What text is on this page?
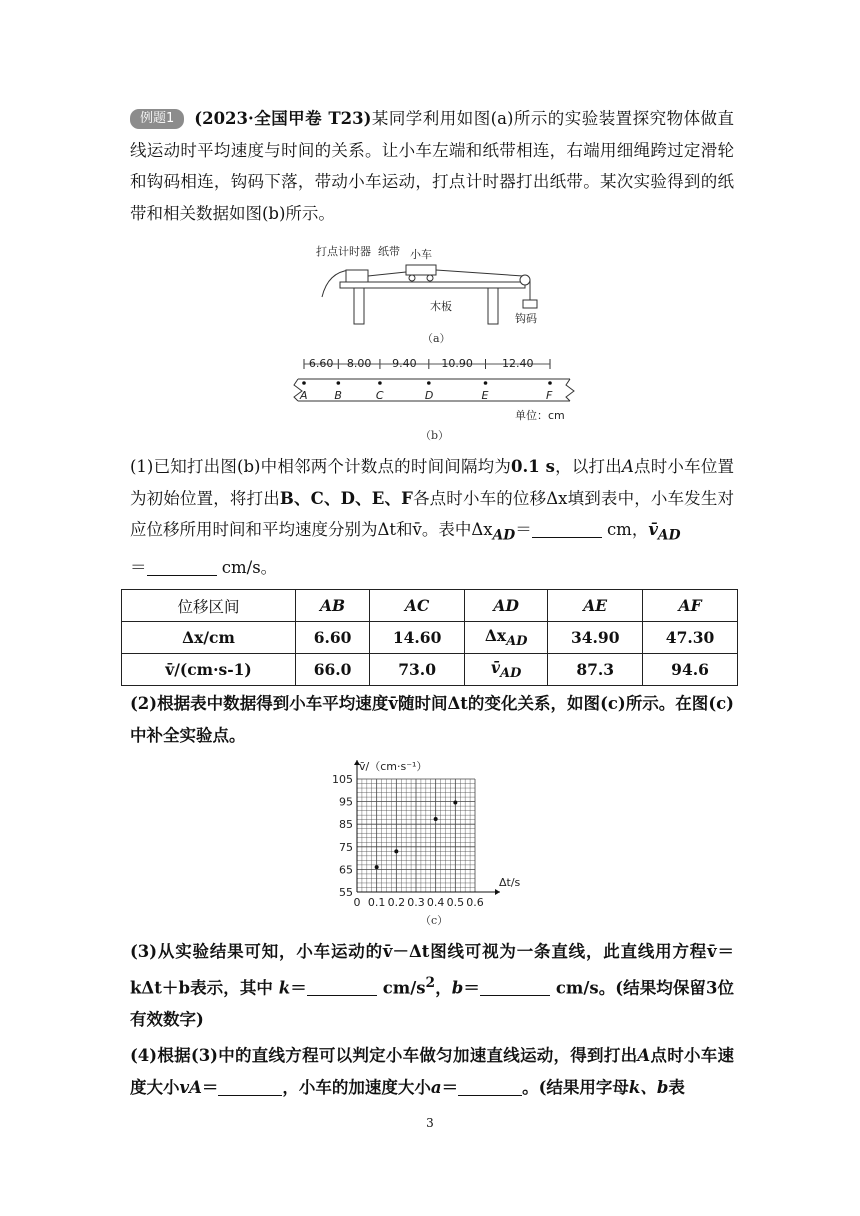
例题1 (2023·全国甲卷 T23)某同学利用如图(a)所示的实验装置探究物体做直线运动时平均速度与时间的关系。让小车左端和纸带相连，右端用细绳跨过定滑轮和钩码相连，钩码下落，带动小车运动，打点计时器打出纸带。某次实验得到的纸带和相关数据如图(b)所示。
打点计时器 纸带 小车
木板
钩码
（a）
A B	C	D	E	F
6.60 8.00 9.40 10.90	12.40
单位：cm
（b）
(1)已知打出图(b)中相邻两个计数点的时间间隔均为0.1 s，以打出A点时小车位置为初始位置，将打出B、C、D、E、F各点时小车的位移Δx填到表中，小车发生对应位移所用时间和平均速度分别为Δt和v̄。表中$\Delta x_{AD}=$	cm，$v̄_{AD}$
＝	cm/s。
位移区间	AB	AC	AD	AE	AF
Δx/cm	6.60	14.60	$\Delta x_{AD}$	34.90	47.30
v̄/(cm·s-1)	66.0	73.0	$v̄_{AD}$	87.3	94.6
(2)根据表中数据得到小车平均速度v̄随时间Δt的变化关系，如图(c)所示。在图(c)中补全实验点。
0 0.1 0.2 0.3 0.4 0.5 0.6
55
65
75
85
95
105
v̄/（cm·s⁻¹）
Δt/s
（c）
(3)从实验结果可知，小车运动的v̄－Δt图线可视为一条直线，此直线用方程v̄＝kΔt＋b表示，其中 k＝	$cm/s^2$，b＝	cm/s。(结果均保留3位有效数字)
(4)根据(3)中的直线方程可以判定小车做匀加速直线运动，得到打出A点时小车速度大小vA＝	，小车的加速度大小a＝	。(结果用字母k、b表
3
